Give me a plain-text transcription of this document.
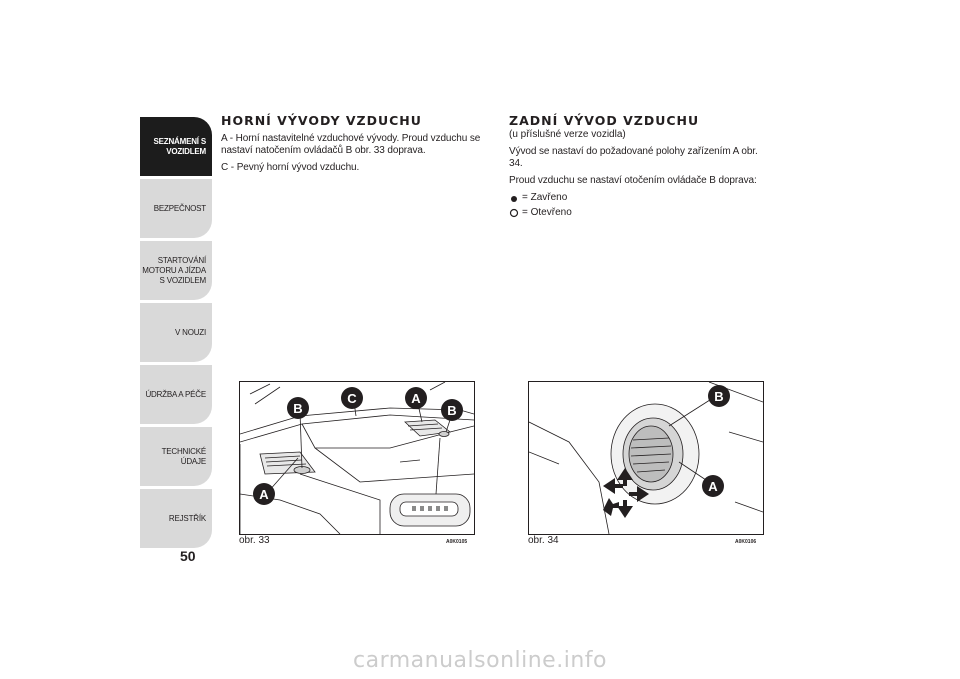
SEZNÁMENÍ S VOZIDLEM
BEZPEČNOST
STARTOVÁNÍ MOTORU A JÍZDA S VOZIDLEM
V NOUZI
ÚDRŽBA A PÉČE
TECHNICKÉ ÚDAJE
REJSTŘÍK
50
HORNÍ VÝVODY VZDUCHU

A - Horní nastavitelné vzduchové vývody. Proud vzduchu se nastaví natočením ovládačů B obr. 33 doprava.

C - Pevný horní vývod vzduchu.

ZADNÍ VÝVOD VZDUCHU

(u příslušné verze vozidla)

Vývod se nastaví do požadované polohy zařízením A obr. 34.

Proud vzduchu se nastaví otočením ovládače B doprava:

= Zavřeno
= Otevřeno
B
C	A
B
A
obr. 33	A0K0105
B
A
obr. 34	A0K0106
carmanualsonline.info
